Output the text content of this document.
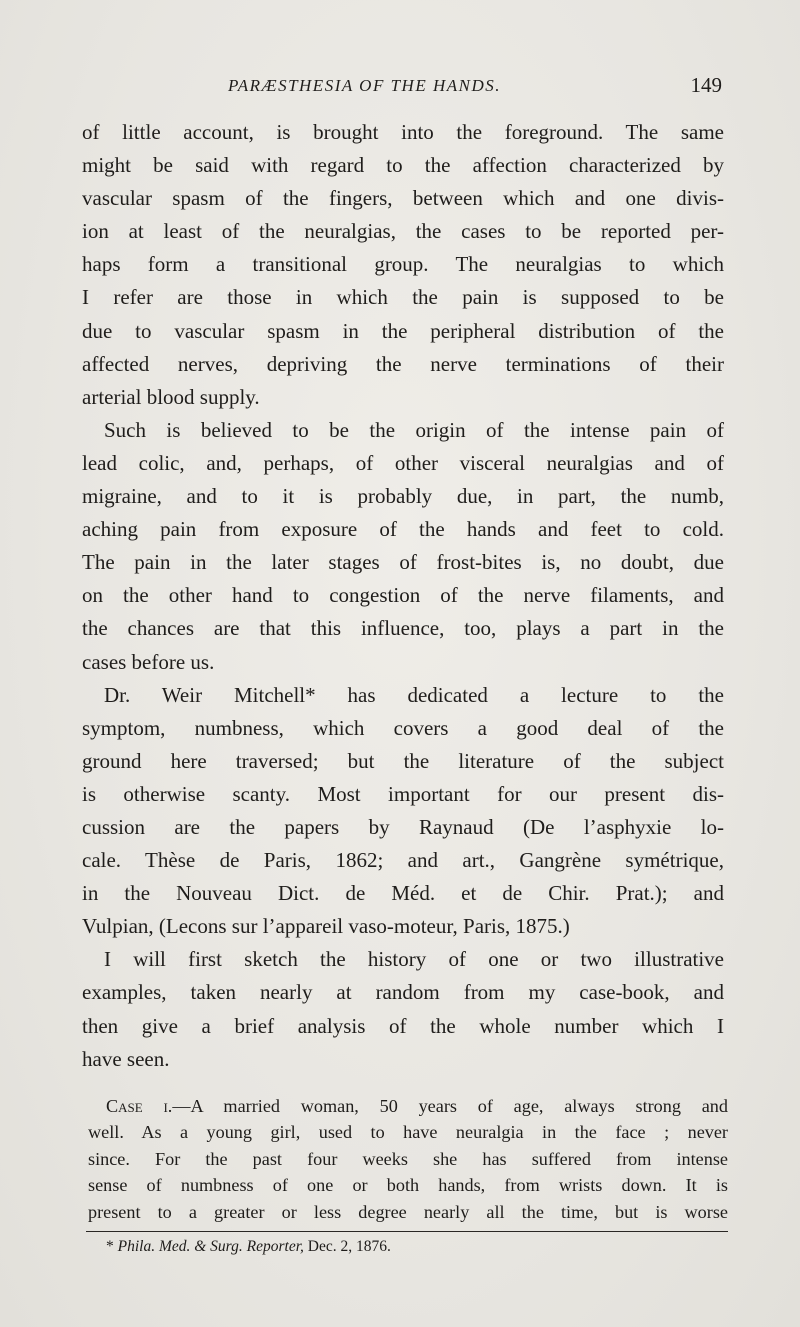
PARÆSTHESIA OF THE HANDS.	149
of little account, is brought into the foreground. The same
might be said with regard to the affection characterized by
vascular spasm of the fingers, between which and one divis-
ion at least of the neuralgias, the cases to be reported per-
haps form a transitional group. The neuralgias to which
I refer are those in which the pain is supposed to be
due to vascular spasm in the peripheral distribution of the
affected nerves, depriving the nerve terminations of their
arterial blood supply.
Such is believed to be the origin of the intense pain of
lead colic, and, perhaps, of other visceral neuralgias and of
migraine, and to it is probably due, in part, the numb,
aching pain from exposure of the hands and feet to cold.
The pain in the later stages of frost-bites is, no doubt, due
on the other hand to congestion of the nerve filaments, and
the chances are that this influence, too, plays a part in the
cases before us.
Dr. Weir Mitchell* has dedicated a lecture to the
symptom, numbness, which covers a good deal of the
ground here traversed; but the literature of the subject
is otherwise scanty. Most important for our present dis-
cussion are the papers by Raynaud (De l’asphyxie lo-
cale. Thèse de Paris, 1862; and art., Gangrène symétrique,
in the Nouveau Dict. de Méd. et de Chir. Prat.); and
Vulpian, (Lecons sur l’appareil vaso-moteur, Paris, 1875.)
I will first sketch the history of one or two illustrative
examples, taken nearly at random from my case-book, and
then give a brief analysis of the whole number which I
have seen.
Case i.—A married woman, 50 years of age, always strong and
well. As a young girl, used to have neuralgia in the face ; never
since. For the past four weeks she has suffered from intense
sense of numbness of one or both hands, from wrists down. It is
present to a greater or less degree nearly all the time, but is worse
* Phila. Med. & Surg. Reporter, Dec. 2, 1876.
